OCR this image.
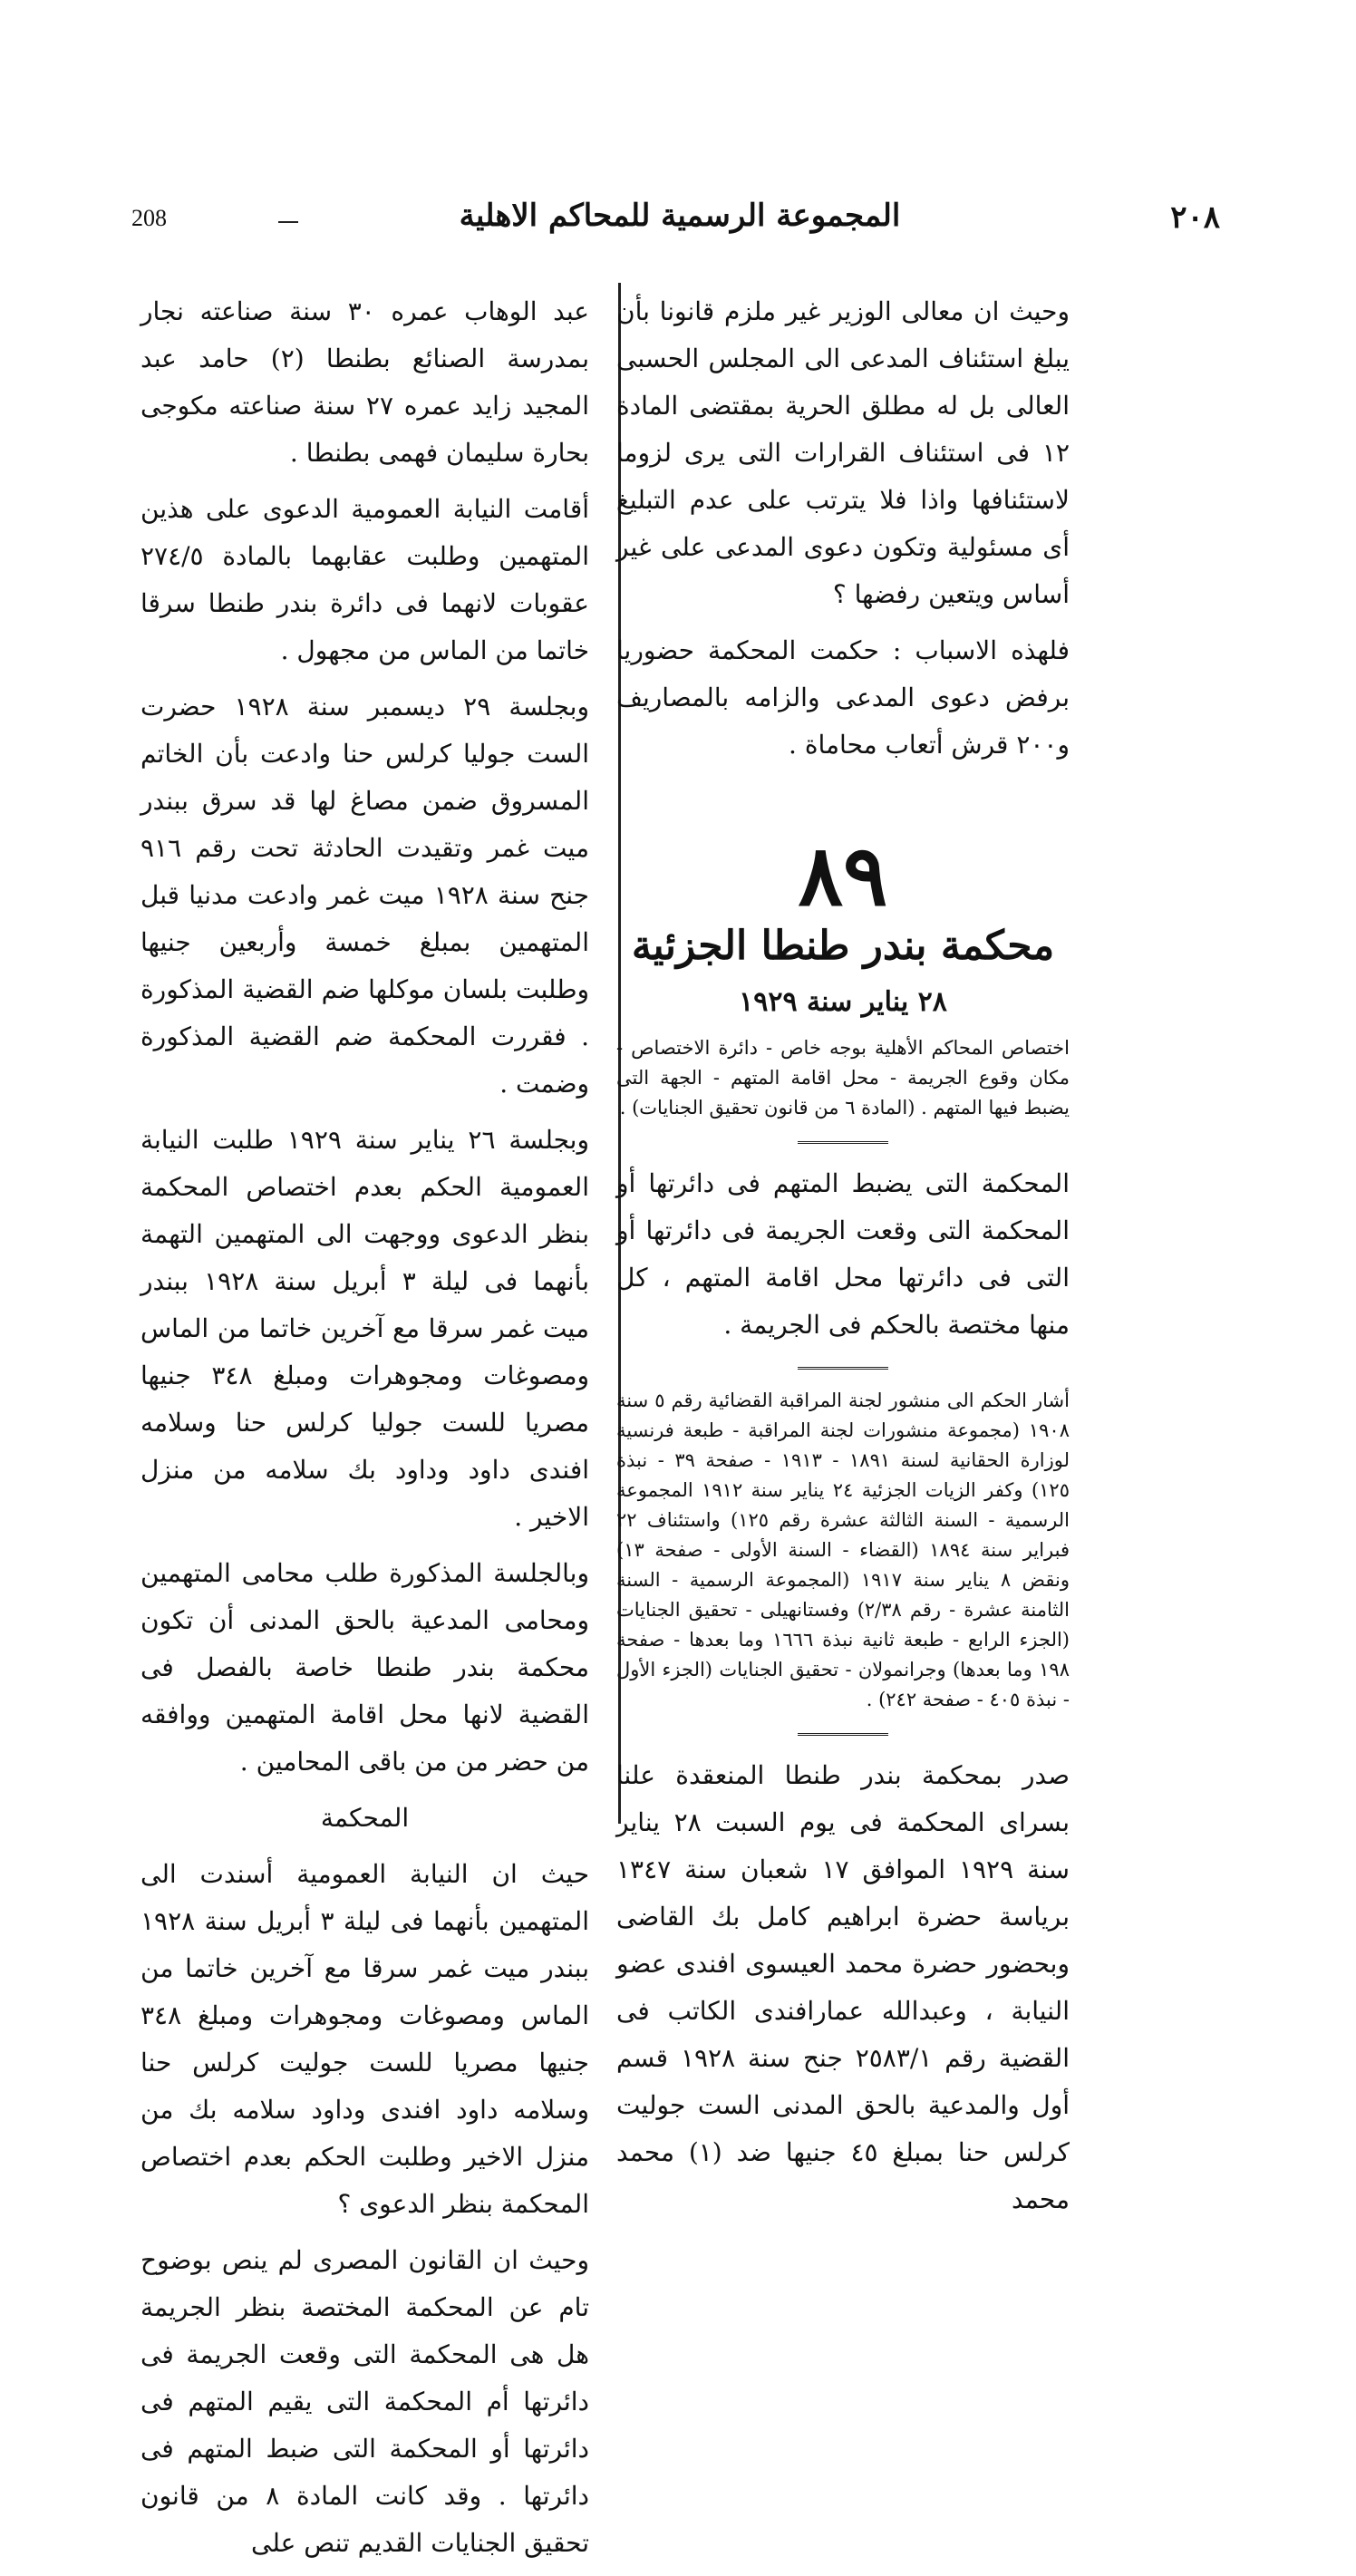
208	المجموعة الرسمية للمحاكم الاهلية	٢٠٨

وحيث ان معالى الوزير غير ملزم قانونا بأن يبلغ استئناف المدعى الى المجلس الحسبى العالى بل له مطلق الحرية بمقتضى المادة ١٢ فى استئناف القرارات التى يرى لزوما لاستئنافها واذا فلا يترتب على عدم التبليغ أى مسئولية وتكون دعوى المدعى على غير أساس ويتعين رفضها ؟

فلهذه الاسباب : حكمت المحكمة حضوريا برفض دعوى المدعى والزامه بالمصاريف و٢٠٠ قرش أتعاب محاماة .

٨٩
محكمة بندر طنطا الجزئية
٢٨ يناير سنة ١٩٢٩

اختصاص المحاكم الأهلية بوجه خاص - دائرة الاختصاص - مكان وقوع الجريمة - محل اقامة المتهم - الجهة التى يضبط فيها المتهم . (المادة ٦ من قانون تحقيق الجنايات) .

المحكمة التى يضبط المتهم فى دائرتها أو المحكمة التى وقعت الجريمة فى دائرتها أو التى فى دائرتها محل اقامة المتهم ، كل منها مختصة بالحكم فى الجريمة .

أشار الحكم الى منشور لجنة المراقبة القضائية رقم ٥ سنة ١٩٠٨ (مجموعة منشورات لجنة المراقبة - طبعة فرنسية لوزارة الحقانية لسنة ١٨٩١ - ١٩١٣ - صفحة ٣٩ - نبذة ١٢٥) وكفر الزيات الجزئية ٢٤ يناير سنة ١٩١٢ المجموعة الرسمية - السنة الثالثة عشرة رقم ١٢٥) واستئناف ٢٢ فبراير سنة ١٨٩٤ (القضاء - السنة الأولى - صفحة ١٣) ونقض ٨ يناير سنة ١٩١٧ (المجموعة الرسمية - السنة الثامنة عشرة - رقم ٢/٣٨) وفستانهيلى - تحقيق الجنايات (الجزء الرابع - طبعة ثانية نبذة ١٦٦٦ وما بعدها - صفحة ١٩٨ وما بعدها) وجرانمولان - تحقيق الجنايات (الجزء الأول - نبذة ٤٠٥ - صفحة ٢٤٢) .

صدر بمحكمة بندر طنطا المنعقدة علنا بسراى المحكمة فى يوم السبت ٢٨ يناير سنة ١٩٢٩ الموافق ١٧ شعبان سنة ١٣٤٧ برياسة حضرة ابراهيم كامل بك القاضى وبحضور حضرة محمد العيسوى افندى عضو النيابة ، وعبدالله عمارافندى الكاتب فى القضية رقم ٢٥٨٣/١ جنح سنة ١٩٢٨ قسم أول والمدعية بالحق المدنى الست جوليت كرلس حنا بمبلغ ٤٥ جنيها ضد (١) محمد محمد

عبد الوهاب عمره ٣٠ سنة صناعته نجار بمدرسة الصنائع بطنطا (٢) حامد عبد المجيد زايد عمره ٢٧ سنة صناعته مكوجى بحارة سليمان فهمى بطنطا .

أقامت النيابة العمومية الدعوى على هذين المتهمين وطلبت عقابهما بالمادة ٢٧٤/٥ عقوبات لانهما فى دائرة بندر طنطا سرقا خاتما من الماس من مجهول .

وبجلسة ٢٩ ديسمبر سنة ١٩٢٨ حضرت الست جوليا كرلس حنا وادعت بأن الخاتم المسروق ضمن مصاغ لها قد سرق ببندر ميت غمر وتقيدت الحادثة تحت رقم ٩١٦ جنح سنة ١٩٢٨ ميت غمر وادعت مدنيا قبل المتهمين بمبلغ خمسة وأربعين جنيها وطلبت بلسان موكلها ضم القضية المذكورة . فقررت المحكمة ضم القضية المذكورة وضمت .

وبجلسة ٢٦ يناير سنة ١٩٢٩ طلبت النيابة العمومية الحكم بعدم اختصاص المحكمة بنظر الدعوى ووجهت الى المتهمين التهمة بأنهما فى ليلة ٣ أبريل سنة ١٩٢٨ ببندر ميت غمر سرقا مع آخرين خاتما من الماس ومصوغات ومجوهرات ومبلغ ٣٤٨ جنيها مصريا للست جوليا كرلس حنا وسلامه افندى داود وداود بك سلامه من منزل الاخير .

وبالجلسة المذكورة طلب محامى المتهمين ومحامى المدعية بالحق المدنى أن تكون محكمة بندر طنطا خاصة بالفصل فى القضية لانها محل اقامة المتهمين ووافقه من حضر من من باقى المحامين .

المحكمة

حيث ان النيابة العمومية أسندت الى المتهمين بأنهما فى ليلة ٣ أبريل سنة ١٩٢٨ ببندر ميت غمر سرقا مع آخرين خاتما من الماس ومصوغات ومجوهرات ومبلغ ٣٤٨ جنيها مصريا للست جوليت كرلس حنا وسلامه داود افندى وداود سلامه بك من منزل الاخير وطلبت الحكم بعدم اختصاص المحكمة بنظر الدعوى ؟

وحيث ان القانون المصرى لم ينص بوضوح تام عن المحكمة المختصة بنظر الجريمة هل هى المحكمة التى وقعت الجريمة فى دائرتها أم المحكمة التى يقيم المتهم فى دائرتها أو المحكمة التى ضبط المتهم فى دائرتها . وقد كانت المادة ٨ من قانون تحقيق الجنايات القديم تنص على
